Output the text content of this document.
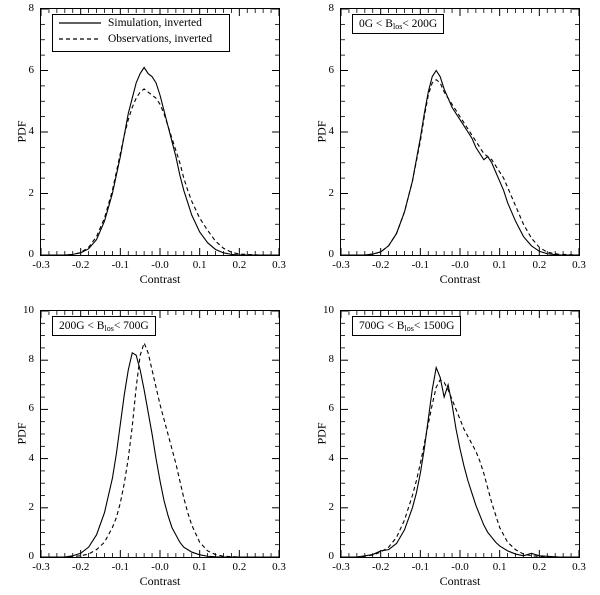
Simulation, inverted
Observations, inverted
Contrast
PDF
$0G < B_{los} < 200G$
Contrast
PDF
$200G < B_{los} < 700G$
Contrast
PDF
$700G < B_{los} < 1500G$
Contrast
PDF
-0.3	-0.2	-0.1	-0.0	0.1	0.2	0.3
0
2
4
6
8
-0.3	-0.2	-0.1	-0.0	0.1	0.2	0.3
0
2
4
6
8
-0.3	-0.2	-0.1	-0.0	0.1	0.2	0.3
0
2
4
6
8
10
-0.3	-0.2	-0.1	-0.0	0.1	0.2	0.3
0
2
4
6
8
10
